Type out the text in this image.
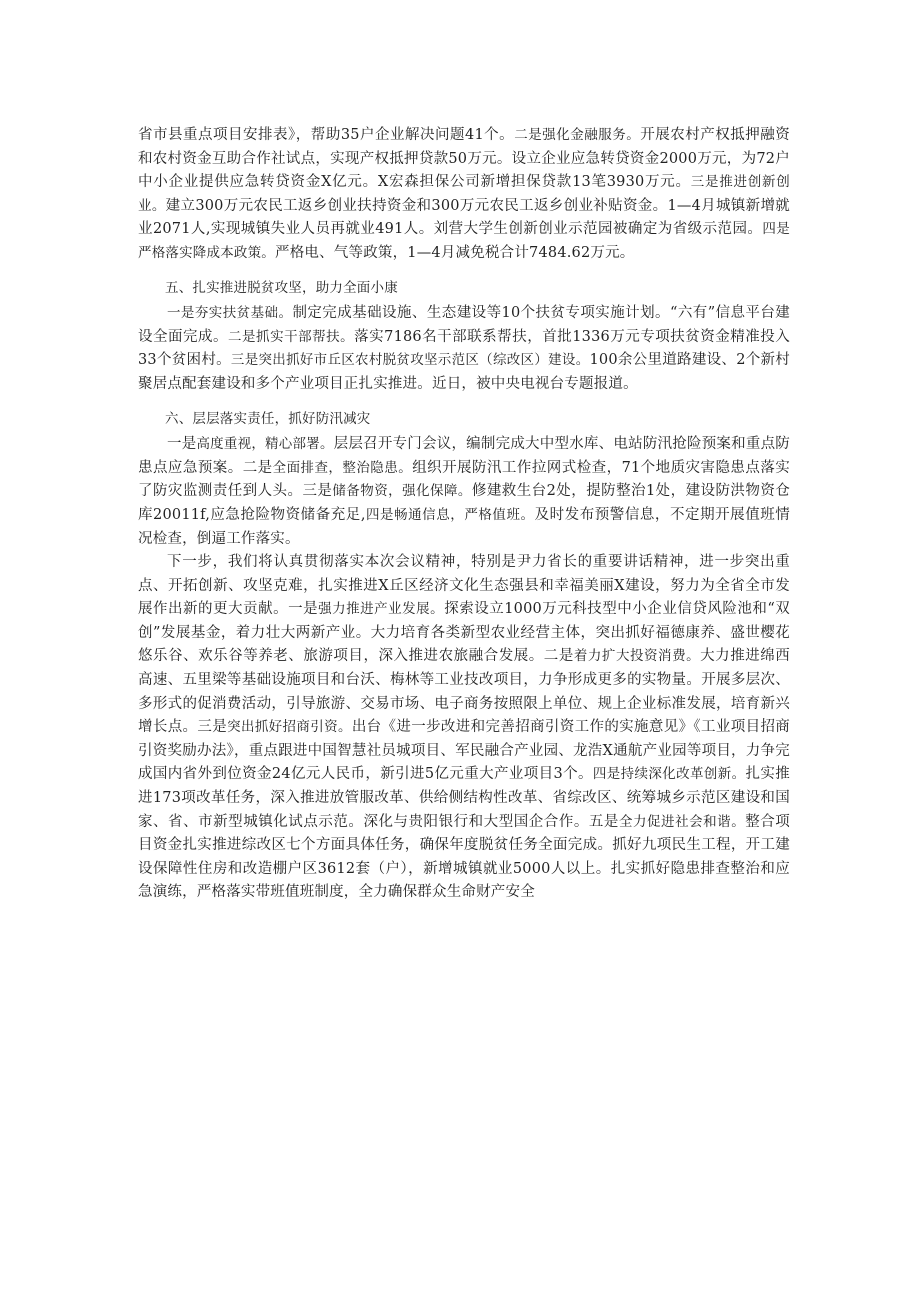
省市县重点项目安排表》，帮助35户企业解决问题41个。二是强化金融服务。开展农村产权抵押融资和农村资金互助合作社试点，实现产权抵押贷款50万元。设立企业应急转贷资金2000万元，为72户中小企业提供应急转贷资金X亿元。X宏森担保公司新增担保贷款13笔3930万元。三是推进创新创业。建立300万元农民工返乡创业扶持资金和300万元农民工返乡创业补贴资金。1—4月城镇新增就业2071人,实现城镇失业人员再就业491人。刘营大学生创新创业示范园被确定为省级示范园。四是严格落实降成本政策。严格电、气等政策，1—4月减免税合计7484.62万元。

五、扎实推进脱贫攻坚，助力全面小康

一是夯实扶贫基础。制定完成基础设施、生态建设等10个扶贫专项实施计划。“六有”信息平台建设全面完成。二是抓实干部帮扶。落实7186名干部联系帮扶，首批1336万元专项扶贫资金精准投入33个贫困村。三是突出抓好市丘区农村脱贫攻坚示范区（综改区）建设。100余公里道路建设、2个新村聚居点配套建设和多个产业项目正扎实推进。近日，被中央电视台专题报道。

六、层层落实责任，抓好防汛减灾

一是高度重视，精心部署。层层召开专门会议，编制完成大中型水库、电站防汛抢险预案和重点防患点应急预案。二是全面排查，整治隐患。组织开展防汛工作拉网式检查，71个地质灾害隐患点落实了防灾监测责任到人头。三是储备物资，强化保障。修建救生台2处，提防整治1处，建设防洪物资仓库20011f,应急抢险物资储备充足,四是畅通信息，严格值班。及时发布预警信息，不定期开展值班情况检查，倒逼工作落实。

下一步，我们将认真贯彻落实本次会议精神，特别是尹力省长的重要讲话精神，进一步突出重点、开拓创新、攻坚克难，扎实推进X丘区经济文化生态强县和幸福美丽X建设，努力为全省全市发展作出新的更大贡献。一是强力推进产业发展。探索设立1000万元科技型中小企业信贷风险池和“双创”发展基金，着力壮大两新产业。大力培育各类新型农业经营主体，突出抓好福德康养、盛世樱花悠乐谷、欢乐谷等养老、旅游项目，深入推进农旅融合发展。二是着力扩大投资消费。大力推进绵西高速、五里梁等基础设施项目和台沃、梅林等工业技改项目，力争形成更多的实物量。开展多层次、多形式的促消费活动，引导旅游、交易市场、电子商务按照限上单位、规上企业标准发展，培育新兴增长点。三是突出抓好招商引资。出台《进一步改进和完善招商引资工作的实施意见》《工业项目招商引资奖励办法》，重点跟进中国智慧社员城项目、军民融合产业园、龙浩X通航产业园等项目，力争完成国内省外到位资金24亿元人民币，新引进5亿元重大产业项目3个。四是持续深化改革创新。扎实推进173项改革任务，深入推进放管服改革、供给侧结构性改革、省综改区、统筹城乡示范区建设和国家、省、市新型城镇化试点示范。深化与贵阳银行和大型国企合作。五是全力促进社会和谐。整合项目资金扎实推进综改区七个方面具体任务，确保年度脱贫任务全面完成。抓好九项民生工程，开工建设保障性住房和改造棚户区3612套（户），新增城镇就业5000人以上。扎实抓好隐患排查整治和应急演练，严格落实带班值班制度，全力确保群众生命财产安全
